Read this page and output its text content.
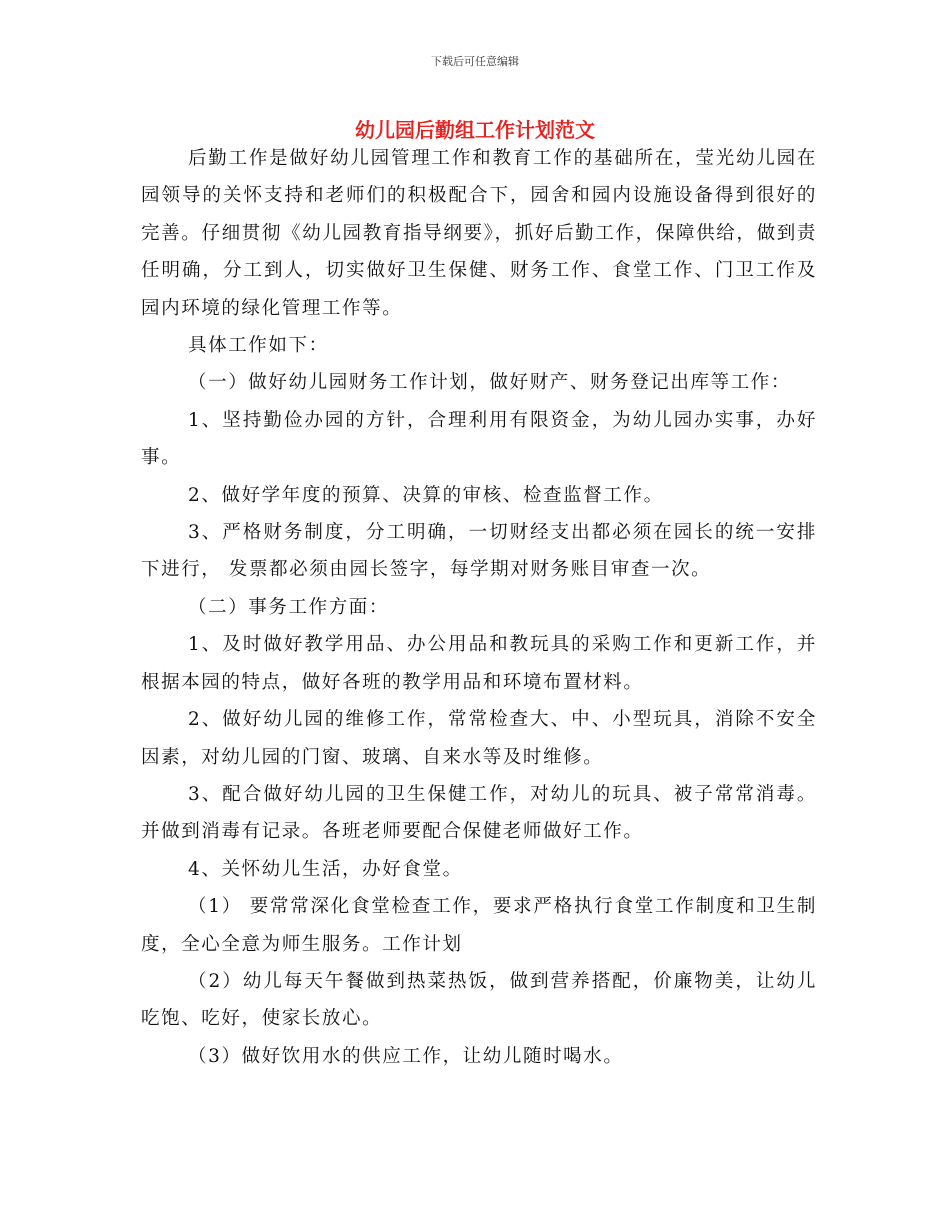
下载后可任意编辑
幼儿园后勤组工作计划范文

后勤工作是做好幼儿园管理工作和教育工作的基础所在，莹光幼儿园在园领导的关怀支持和老师们的积极配合下，园舍和园内设施设备得到很好的完善。仔细贯彻《幼儿园教育指导纲要》，抓好后勤工作，保障供给，做到责任明确，分工到人，切实做好卫生保健、财务工作、食堂工作、门卫工作及园内环境的绿化管理工作等。

具体工作如下：

（一）做好幼儿园财务工作计划，做好财产、财务登记出库等工作：

1、坚持勤俭办园的方针，合理利用有限资金，为幼儿园办实事，办好事。

2、做好学年度的预算、决算的审核、检查监督工作。

3、严格财务制度，分工明确，一切财经支出都必须在园长的统一安排下进行， 发票都必须由园长签字，每学期对财务账目审查一次。

（二）事务工作方面：

1、及时做好教学用品、办公用品和教玩具的采购工作和更新工作，并根据本园的特点，做好各班的教学用品和环境布置材料。

2、做好幼儿园的维修工作，常常检查大、中、小型玩具，消除不安全因素，对幼儿园的门窗、玻璃、自来水等及时维修。

3、配合做好幼儿园的卫生保健工作，对幼儿的玩具、被子常常消毒。并做到消毒有记录。各班老师要配合保健老师做好工作。

4、关怀幼儿生活，办好食堂。

（1） 要常常深化食堂检查工作，要求严格执行食堂工作制度和卫生制度，全心全意为师生服务。工作计划

（2）幼儿每天午餐做到热菜热饭，做到营养搭配，价廉物美，让幼儿吃饱、吃好，使家长放心。

（3）做好饮用水的供应工作，让幼儿随时喝水。
